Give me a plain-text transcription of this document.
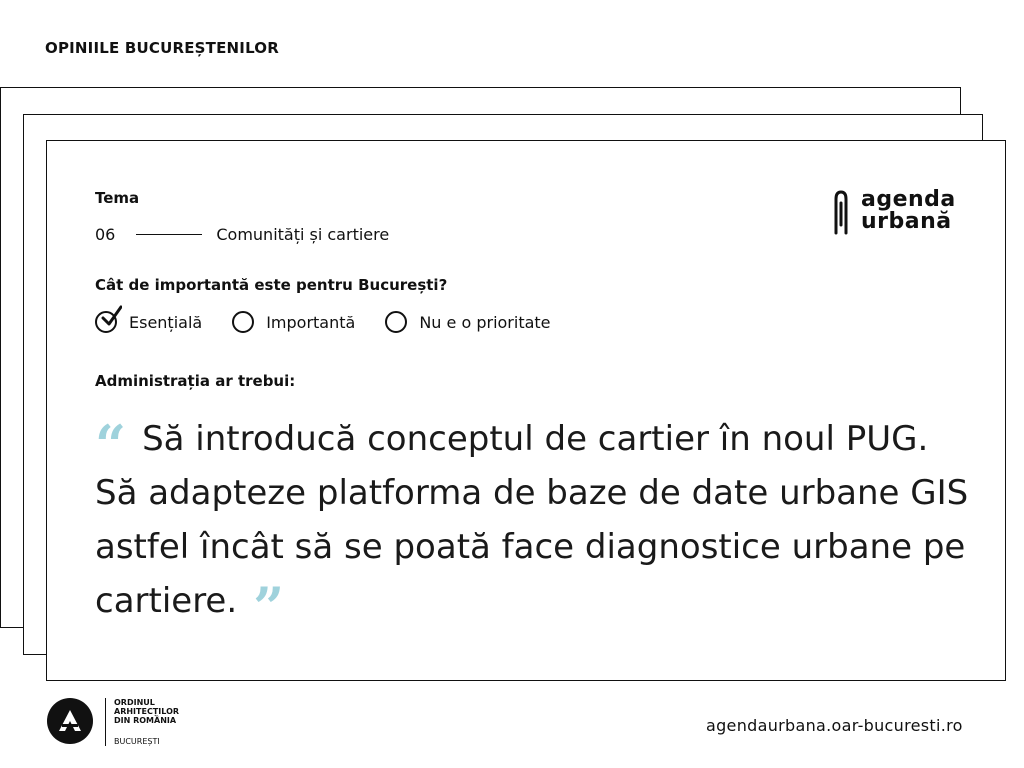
OPINIILE BUCUREȘTENILOR
Tema
06	Comunități și cartiere
Cât de importantă este pentru București?
Esențială	Importantă	Nu e o prioritate
Administrația ar trebui:
“ Să introducă conceptul de cartier în noul PUG. Să adapteze platforma de baze de date urbane GIS astfel încât să se poată face diagnostice urbane pe cartiere. ”
agenda
urbană
ORDINUL
ARHITECȚILOR
DIN ROMÂNIA
BUCUREȘTI
agendaurbana.oar-bucuresti.ro
